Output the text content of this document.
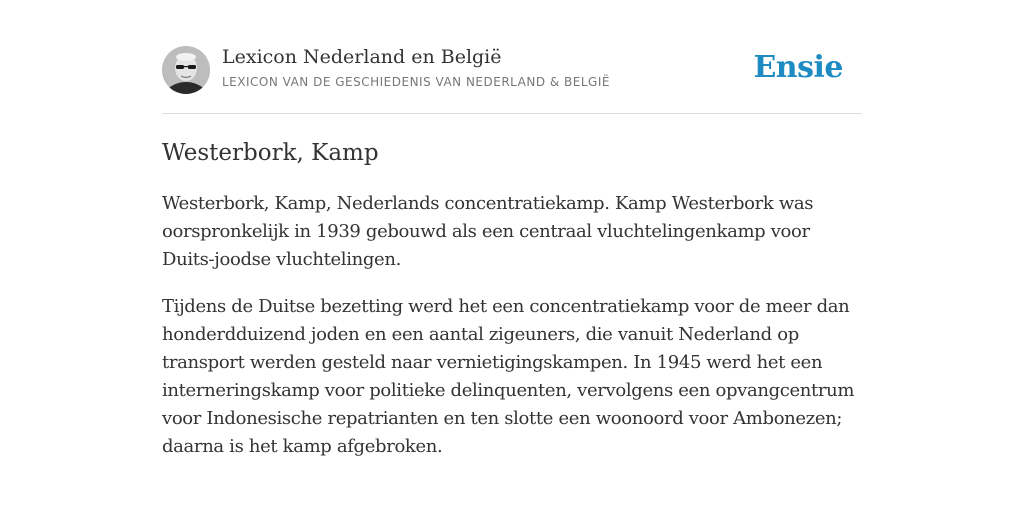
Lexicon Nederland en België
LEXICON VAN DE GESCHIEDENIS VAN NEDERLAND & BELGIË	Ensie
Westerbork, Kamp

Westerbork, Kamp, Nederlands concentratiekamp. Kamp Westerbork was oorspronkelijk in 1939 gebouwd als een centraal vluchtelingenkamp voor Duits-joodse vluchtelingen.

Tijdens de Duitse bezetting werd het een concentratiekamp voor de meer dan honderdduizend joden en een aantal zigeuners, die vanuit Nederland op transport werden gesteld naar vernietigingskampen. In 1945 werd het een interneringskamp voor politieke delinquenten, vervolgens een opvangcentrum voor Indonesische repatrianten en ten slotte een woonoord voor Ambonezen; daarna is het kamp afgebroken.
